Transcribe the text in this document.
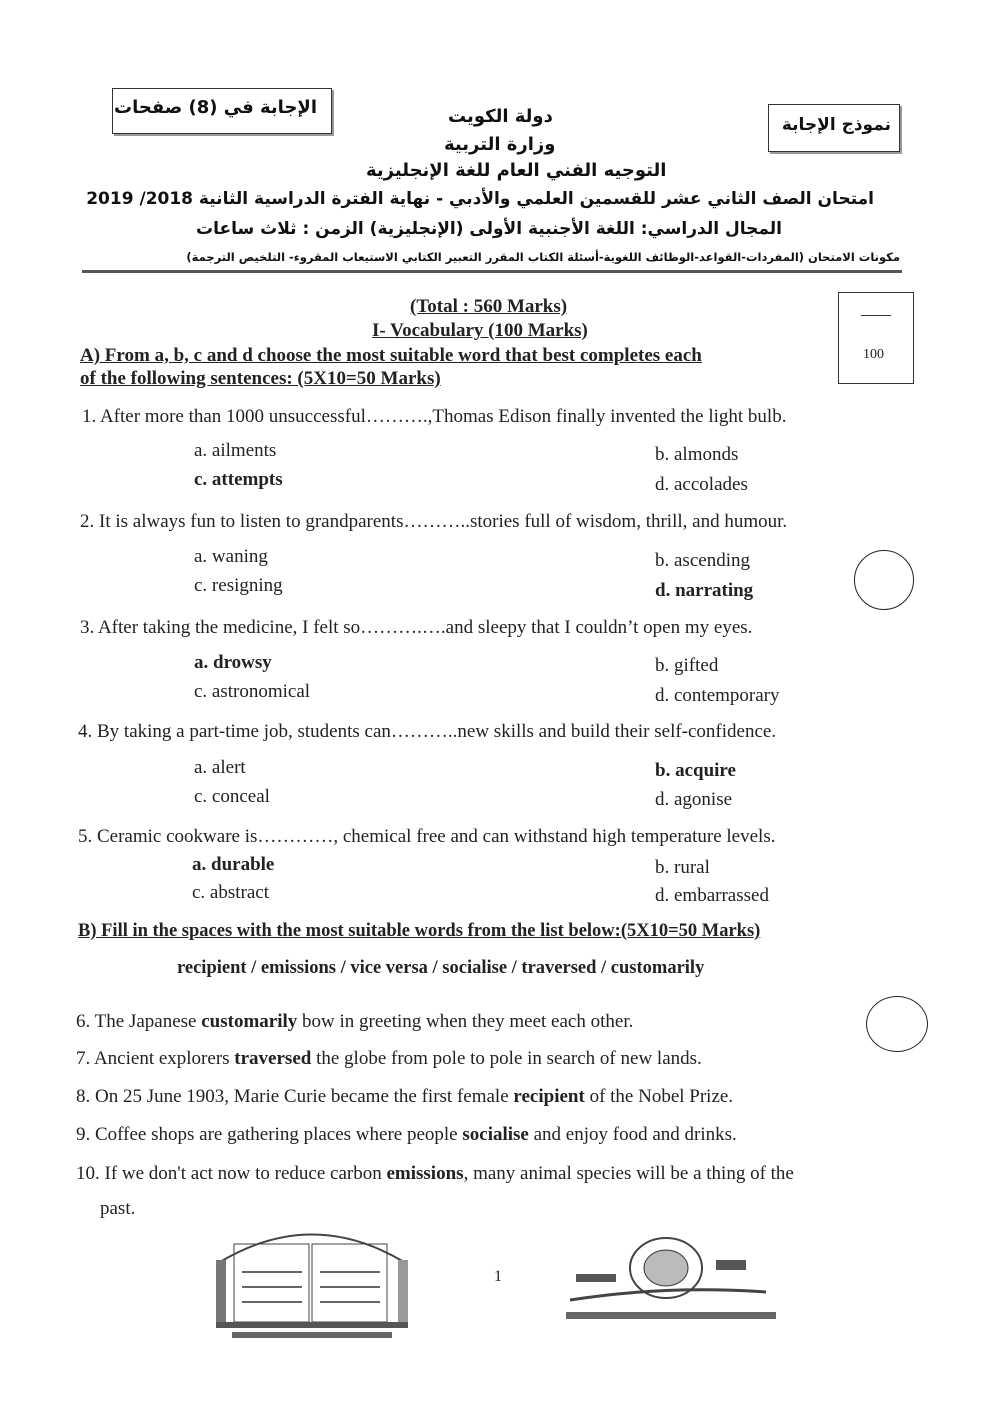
الإجابة في (8) صفحات
نموذج الإجابة
دولة الكويت
وزارة التربية
التوجيه الفني العام للغة الإنجليزية
امتحان الصف الثاني عشر للقسمين العلمي والأدبي - نهاية الفترة الدراسية الثانية 2018/ 2019
المجال الدراسي: اللغة الأجنبية الأولى (الإنجليزية) الزمن : ثلاث ساعات
مكونات الامتحان (المفردات-القواعد-الوظائف اللغوية-أسئلة الكتاب المقرر التعبير الكتابي الاستيعاب المقروء- التلخيص الترجمة)
(Total : 560 Marks)
I- Vocabulary (100 Marks)
100
A) From a, b, c and d choose the most suitable word that best completes each
of the following sentences: (5X10=50 Marks)
1. After more than 1000 unsuccessful……….,Thomas Edison finally invented the light bulb.
a. ailments	b. almonds
c. attempts	d. accolades
2. It is always fun to listen to grandparents………..stories full of wisdom, thrill, and humour.
a. waning	b. ascending
c. resigning	d. narrating
3. After taking the medicine, I felt so……….….and sleepy that I couldn’t open my eyes.
a. drowsy	b. gifted
c. astronomical	d. contemporary
4. By taking a part-time job, students can………..new skills and build their self-confidence.
a. alert	b. acquire
c. conceal	d. agonise
5. Ceramic cookware is…………, chemical free and can withstand high temperature levels.
a. durable	b. rural
c. abstract	d. embarrassed
B) Fill in the spaces with the most suitable words from the list below:(5X10=50 Marks)
recipient / emissions / vice versa / socialise / traversed / customarily
6. The Japanese customarily bow in greeting when they meet each other.
7. Ancient explorers traversed the globe from pole to pole in search of new lands.
8. On 25 June 1903, Marie Curie became the first female recipient of the Nobel Prize.
9. Coffee shops are gathering places where people socialise and enjoy food and drinks.
10. If we don't act now to reduce carbon emissions, many animal species will be a thing of the
past.
1
